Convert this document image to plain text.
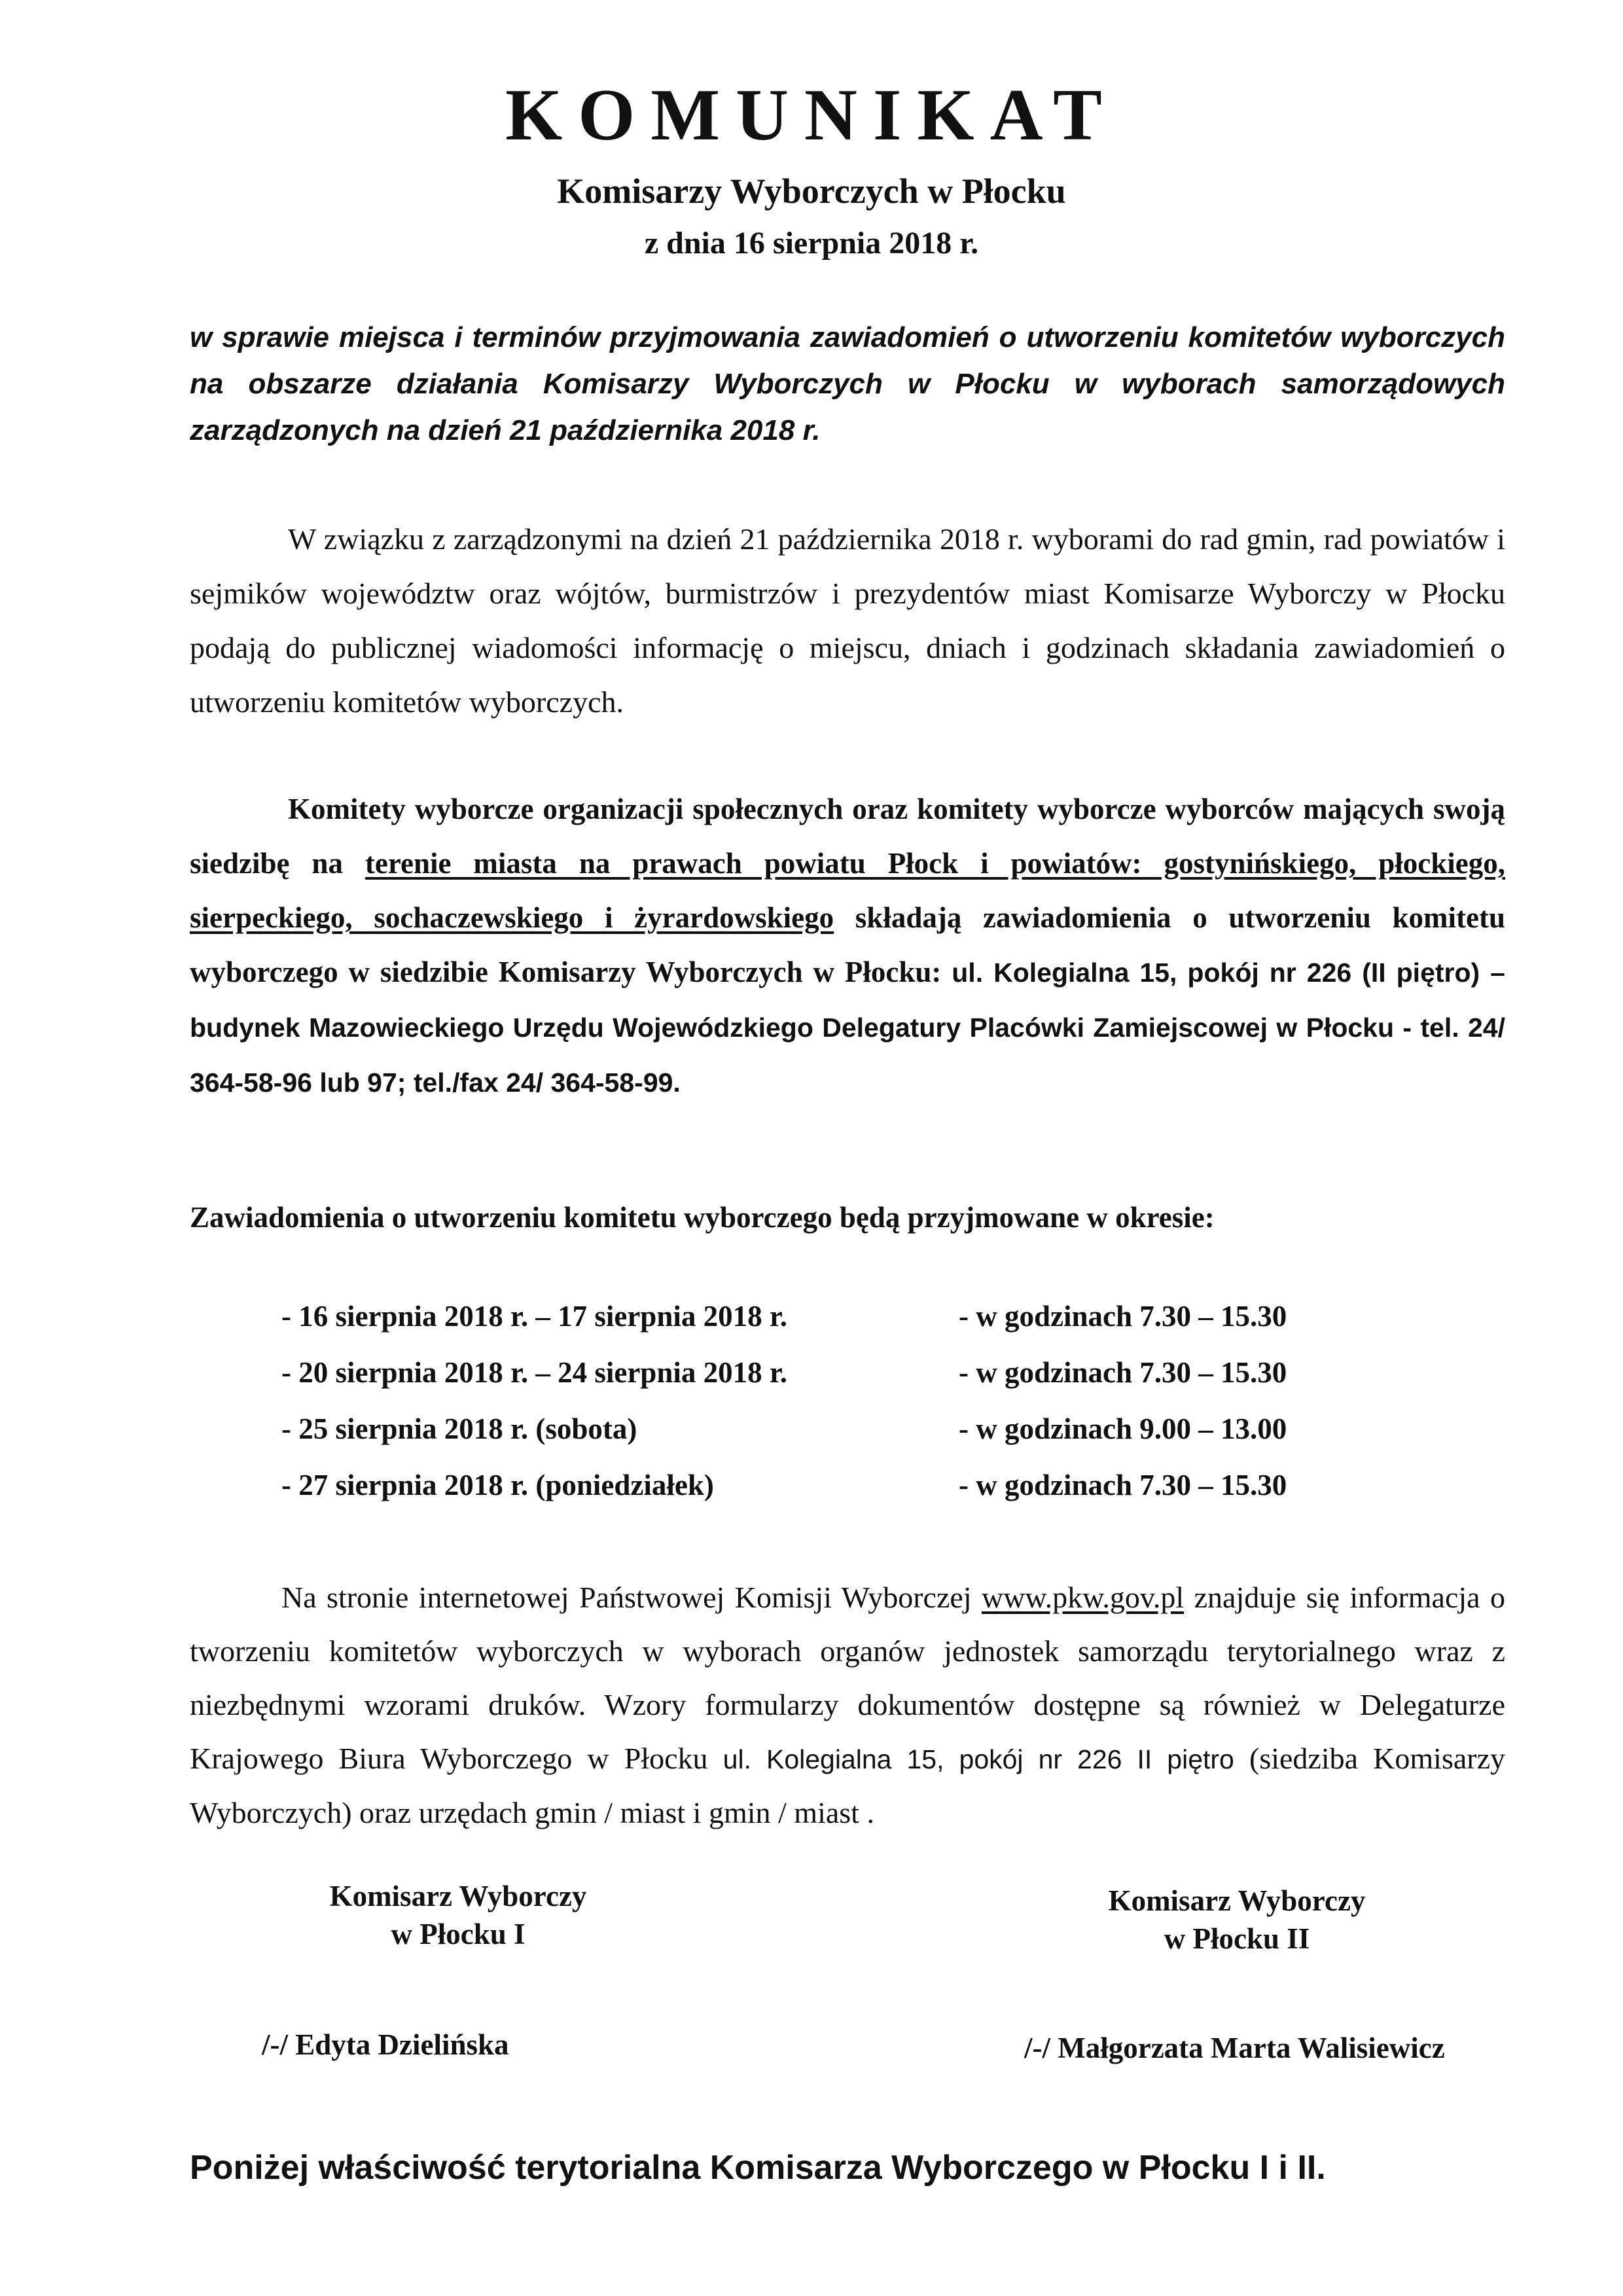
KOMUNIKAT
Komisarzy Wyborczych w Płocku
z dnia 16 sierpnia 2018 r.
w sprawie miejsca i terminów przyjmowania zawiadomień o utworzeniu komitetów wyborczych na obszarze działania Komisarzy Wyborczych w Płocku w wyborach samorządowych zarządzonych na dzień 21 października 2018 r.
W związku z zarządzonymi na dzień 21 października 2018 r. wyborami do rad gmin, rad powiatów i sejmików województw oraz wójtów, burmistrzów i prezydentów miast Komisarze Wyborczy w Płocku podają do publicznej wiadomości informację o miejscu, dniach i godzinach składania zawiadomień o utworzeniu komitetów wyborczych.
Komitety wyborcze organizacji społecznych oraz komitety wyborcze wyborców mających swoją siedzibę na terenie miasta na prawach powiatu Płock i powiatów: gostynińskiego, płockiego, sierpeckiego, sochaczewskiego i żyrardowskiego składają zawiadomienia o utworzeniu komitetu wyborczego w siedzibie Komisarzy Wyborczych w Płocku: ul. Kolegialna 15, pokój nr 226 (II piętro) – budynek Mazowieckiego Urzędu Wojewódzkiego Delegatury Placówki Zamiejscowej w Płocku - tel. 24/ 364-58-96 lub 97; tel./fax 24/ 364-58-99.
Zawiadomienia o utworzeniu komitetu wyborczego będą przyjmowane w okresie:
- 16 sierpnia 2018 r. – 17 sierpnia 2018 r.	- w godzinach 7.30 – 15.30
- 20 sierpnia 2018 r. – 24 sierpnia 2018 r.	- w godzinach 7.30 – 15.30
- 25 sierpnia 2018 r. (sobota)	- w godzinach 9.00 – 13.00
- 27 sierpnia 2018 r. (poniedziałek)	- w godzinach 7.30 – 15.30
Na stronie internetowej Państwowej Komisji Wyborczej www.pkw.gov.pl znajduje się informacja o tworzeniu komitetów wyborczych w wyborach organów jednostek samorządu terytorialnego wraz z niezbędnymi wzorami druków. Wzory formularzy dokumentów dostępne są również w Delegaturze Krajowego Biura Wyborczego w Płocku ul. Kolegialna 15, pokój nr 226 II piętro (siedziba Komisarzy Wyborczych) oraz urzędach gmin / miast i gmin / miast .
Komisarz Wyborczy
w Płocku I
Komisarz Wyborczy
w Płocku II
/-/ Edyta Dzielińska	/-/ Małgorzata Marta Walisiewicz
Poniżej właściwość terytorialna Komisarza Wyborczego w Płocku I i II.
